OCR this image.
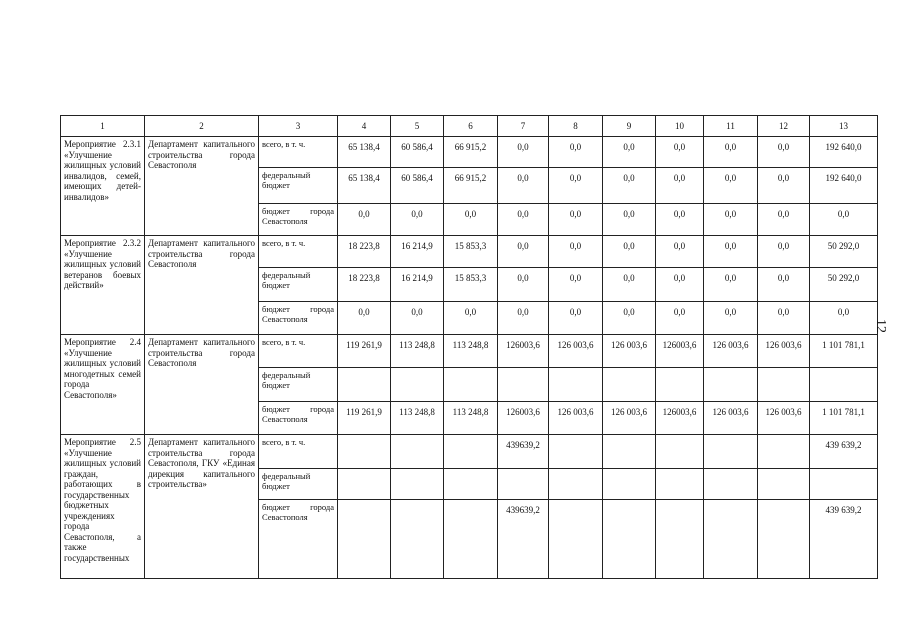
1	2	3	4	5	6	7	8	9	10	11	12	13
Мероприятие 2.3.1 «Улучшение жилищных условий инвалидов, семей, имеющих детей-инвалидов»	Департамент капитального строительства города Севастополя	всего, в т. ч.	65 138,4	60 586,4	66 915,2	0,0	0,0	0,0	0,0	0,0	0,0	192 640,0
		федеральный бюджет	65 138,4	60 586,4	66 915,2	0,0	0,0	0,0	0,0	0,0	0,0	192 640,0
		бюджет города Севастополя	0,0	0,0	0,0	0,0	0,0	0,0	0,0	0,0	0,0	0,0
Мероприятие 2.3.2 «Улучшение жилищных условий ветеранов боевых действий»	Департамент капитального строительства города Севастополя	всего, в т. ч.	18 223,8	16 214,9	15 853,3	0,0	0,0	0,0	0,0	0,0	0,0	50 292,0
		федеральный бюджет	18 223,8	16 214,9	15 853,3	0,0	0,0	0,0	0,0	0,0	0,0	50 292,0
		бюджет города Севастополя	0,0	0,0	0,0	0,0	0,0	0,0	0,0	0,0	0,0	0,0
Мероприятие 2.4 «Улучшение жилищных условий многодетных семей города Севастополя»	Департамент капитального строительства города Севастополя	всего, в т. ч.	119 261,9	113 248,8	113 248,8	126003,6	126 003,6	126 003,6	126003,6	126 003,6	126 003,6	1 101 781,1
		федеральный бюджет										
		бюджет города Севастополя	119 261,9	113 248,8	113 248,8	126003,6	126 003,6	126 003,6	126003,6	126 003,6	126 003,6	1 101 781,1
Мероприятие 2.5 «Улучшение жилищных условий граждан, работающих в государственных бюджетных учреждениях города Севастополя, а также государственных	Департамент капитального строительства города Севастополя, ГКУ «Единая дирекция капитального строительства»	всего, в т. ч.				439639,2						439 639,2
		федеральный бюджет										
		бюджет города Севастополя				439639,2						439 639,2
12
